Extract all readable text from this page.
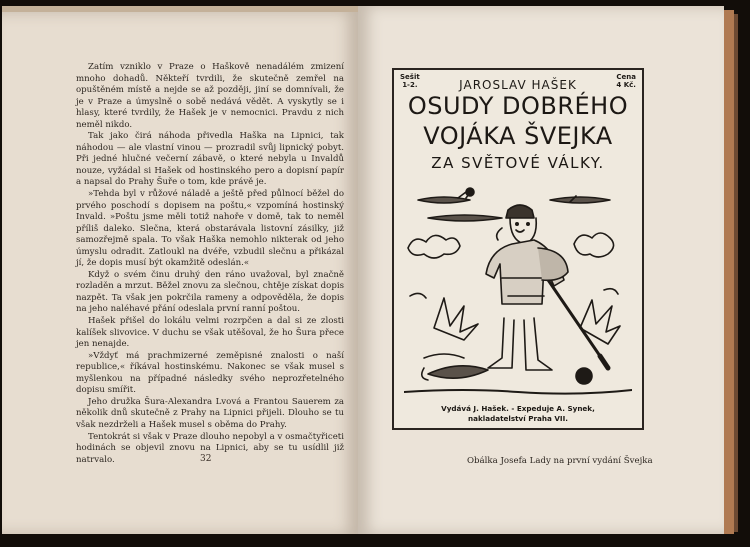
Zatím vzniklo v Praze o Haškově nenadálém zmizení mnoho dohadů. Někteří tvrdili, že skutečně zemřel na opuštěném místě a nejde se až později, jiní se domnívali, že je v Praze a úmyslně o sobě nedává vědět. A vyskytly se i hlasy, které tvrdily, že Hašek je v nemocnici. Pravdu z nich neměl nikdo.

Tak jako čirá náhoda přivedla Haška na Lipnici, tak náhodou — ale vlastní vinou — prozradil svůj lipnický pobyt. Při jedné hlučné večerní zábavě, o které nebyla u Invaldů nouze, vyžádal si Hašek od hostinského pero a dopisní papír a napsal do Prahy Šuře o tom, kde právě je.

»Tehda byl v růžové náladě a ještě před půlnocí běžel do prvého poschodí s dopisem na poštu,« vzpomíná hostinský Invald. »Poštu jsme měli totiž nahoře v domě, tak to neměl příliš daleko. Slečna, která obstarávala listovní zásilky, již samozřejmě spala. To však Haška nemohlo nikterak od jeho úmyslu odradit. Zatloukl na dvéře, vzbudil slečnu a přikázal jí, že dopis musí být okamžitě odeslán.«

Když o svém činu druhý den ráno uvažoval, byl značně rozladěn a mrzut. Běžel znovu za slečnou, chtěje získat dopis nazpět. Ta však jen pokrčila rameny a odpověděla, že dopis na jeho naléhavé přání odeslala první ranní poštou.

Hašek přišel do lokálu velmi rozrpčen a dal si ze zlosti kalíšek slivovice. V duchu se však utěšoval, že ho Šura přece jen nenajde.

»Vždyť má prachmizerné zeměpisné znalosti o naší republice,« říkával hostinskému. Nakonec se však musel s myšlenkou na případné následky svého neprozřetelného dopisu smířit.

Jeho družka Šura-Alexandra Lvová a Frantou Sauerem za několik dnů skutečně z Prahy na Lipnici přijeli. Dlouho se tu však nezdrželi a Hašek musel s oběma do Prahy.

Tentokrát si však v Praze dlouho nepobyl a v osmačtyřiceti hodinách se objevil znovu na Lipnici, aby se tu usídlil již natrvalo.	32
Sešit
1-2.	JAROSLAV HAŠEK
Cena
4 Kč.
OSUDY DOBRÉHO
VOJÁKA ŠVEJKA
ZA SVĚTOVÉ VÁLKY.
Vydává J. Hašek. - Expeduje A. Synek,
nakladatelství Praha VII.
Obálka Josefa Lady na první vydání Švejka
